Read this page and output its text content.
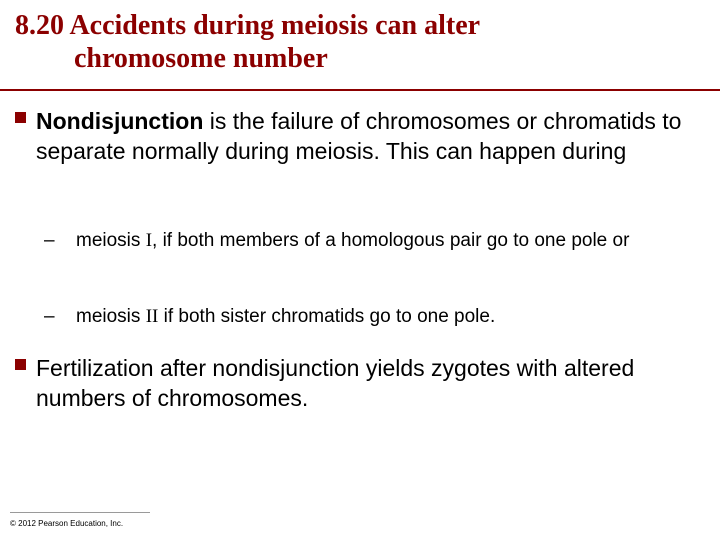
8.20 Accidents during meiosis can alter
chromosome number
Nondisjunction is the failure of chromosomes or chromatids to separate normally during meiosis. This can happen during
– meiosis I, if both members of a homologous pair go to one pole or
– meiosis II if both sister chromatids go to one pole.
Fertilization after nondisjunction yields zygotes with altered numbers of chromosomes.
© 2012 Pearson Education, Inc.
